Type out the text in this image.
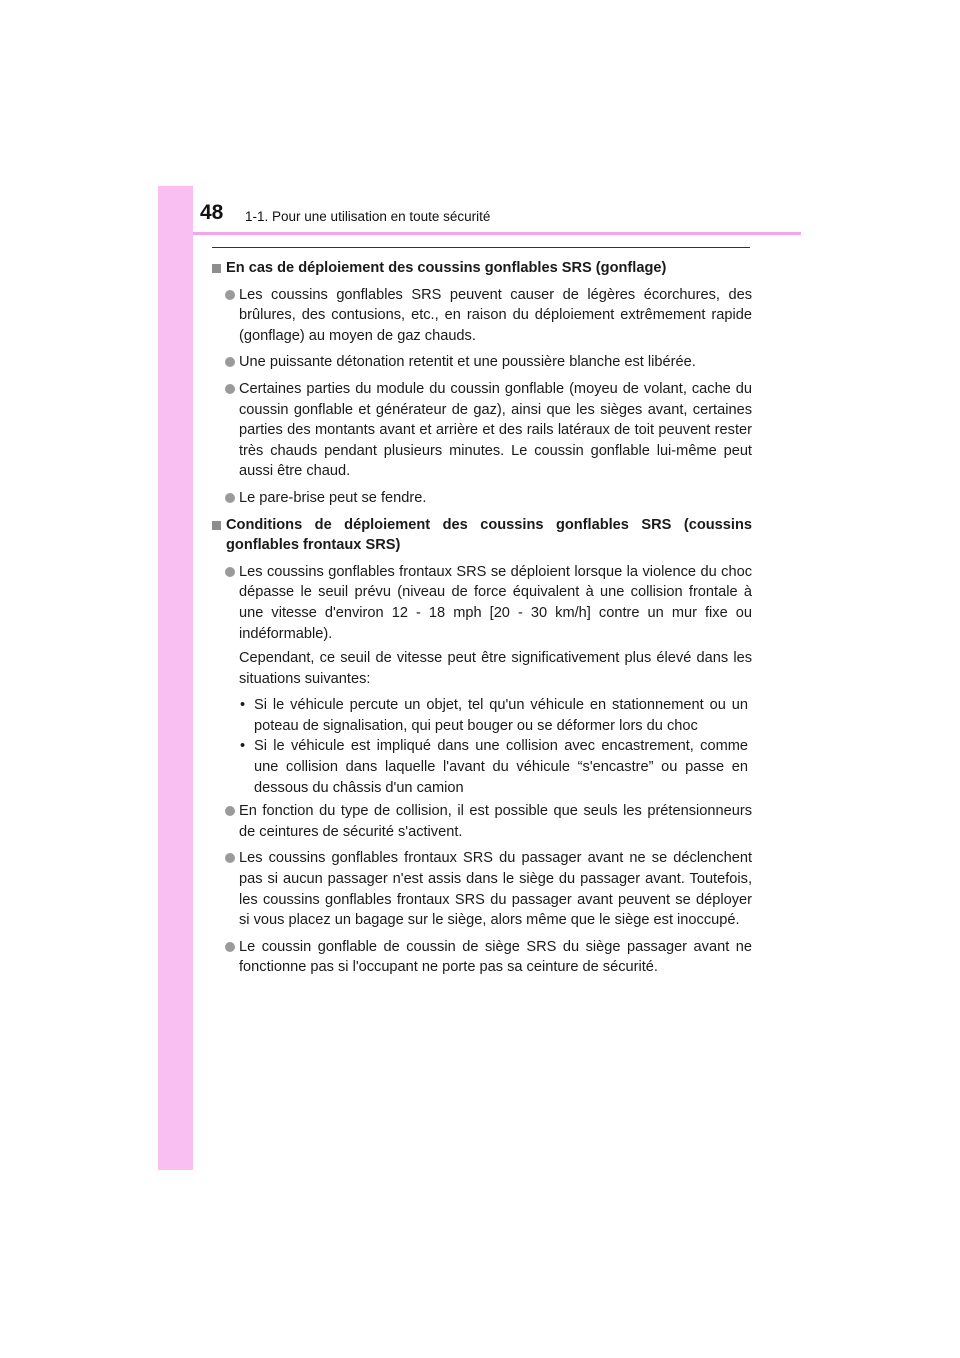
48 1-1. Pour une utilisation en toute sécurité
En cas de déploiement des coussins gonflables SRS (gonflage)
Les coussins gonflables SRS peuvent causer de légères écorchures, des brûlures, des contusions, etc., en raison du déploiement extrêmement rapide (gonflage) au moyen de gaz chauds.
Une puissante détonation retentit et une poussière blanche est libérée.
Certaines parties du module du coussin gonflable (moyeu de volant, cache du coussin gonflable et générateur de gaz), ainsi que les sièges avant, certaines parties des montants avant et arrière et des rails latéraux de toit peuvent rester très chauds pendant plusieurs minutes. Le coussin gonflable lui-même peut aussi être chaud.
Le pare-brise peut se fendre.
Conditions de déploiement des coussins gonflables SRS (coussins gonflables frontaux SRS)
Les coussins gonflables frontaux SRS se déploient lorsque la violence du choc dépasse le seuil prévu (niveau de force équivalent à une collision frontale à une vitesse d'environ 12 - 18 mph [20 - 30 km/h] contre un mur fixe ou indéformable).
Cependant, ce seuil de vitesse peut être significativement plus élevé dans les situations suivantes:
• Si le véhicule percute un objet, tel qu'un véhicule en stationnement ou un poteau de signalisation, qui peut bouger ou se déformer lors du choc
• Si le véhicule est impliqué dans une collision avec encastrement, comme une collision dans laquelle l'avant du véhicule “s'encastre” ou passe en dessous du châssis d'un camion
En fonction du type de collision, il est possible que seuls les prétensionneurs de ceintures de sécurité s'activent.
Les coussins gonflables frontaux SRS du passager avant ne se déclenchent pas si aucun passager n'est assis dans le siège du passager avant. Toutefois, les coussins gonflables frontaux SRS du passager avant peuvent se déployer si vous placez un bagage sur le siège, alors même que le siège est inoccupé.
Le coussin gonflable de coussin de siège SRS du siège passager avant ne fonctionne pas si l'occupant ne porte pas sa ceinture de sécurité.
